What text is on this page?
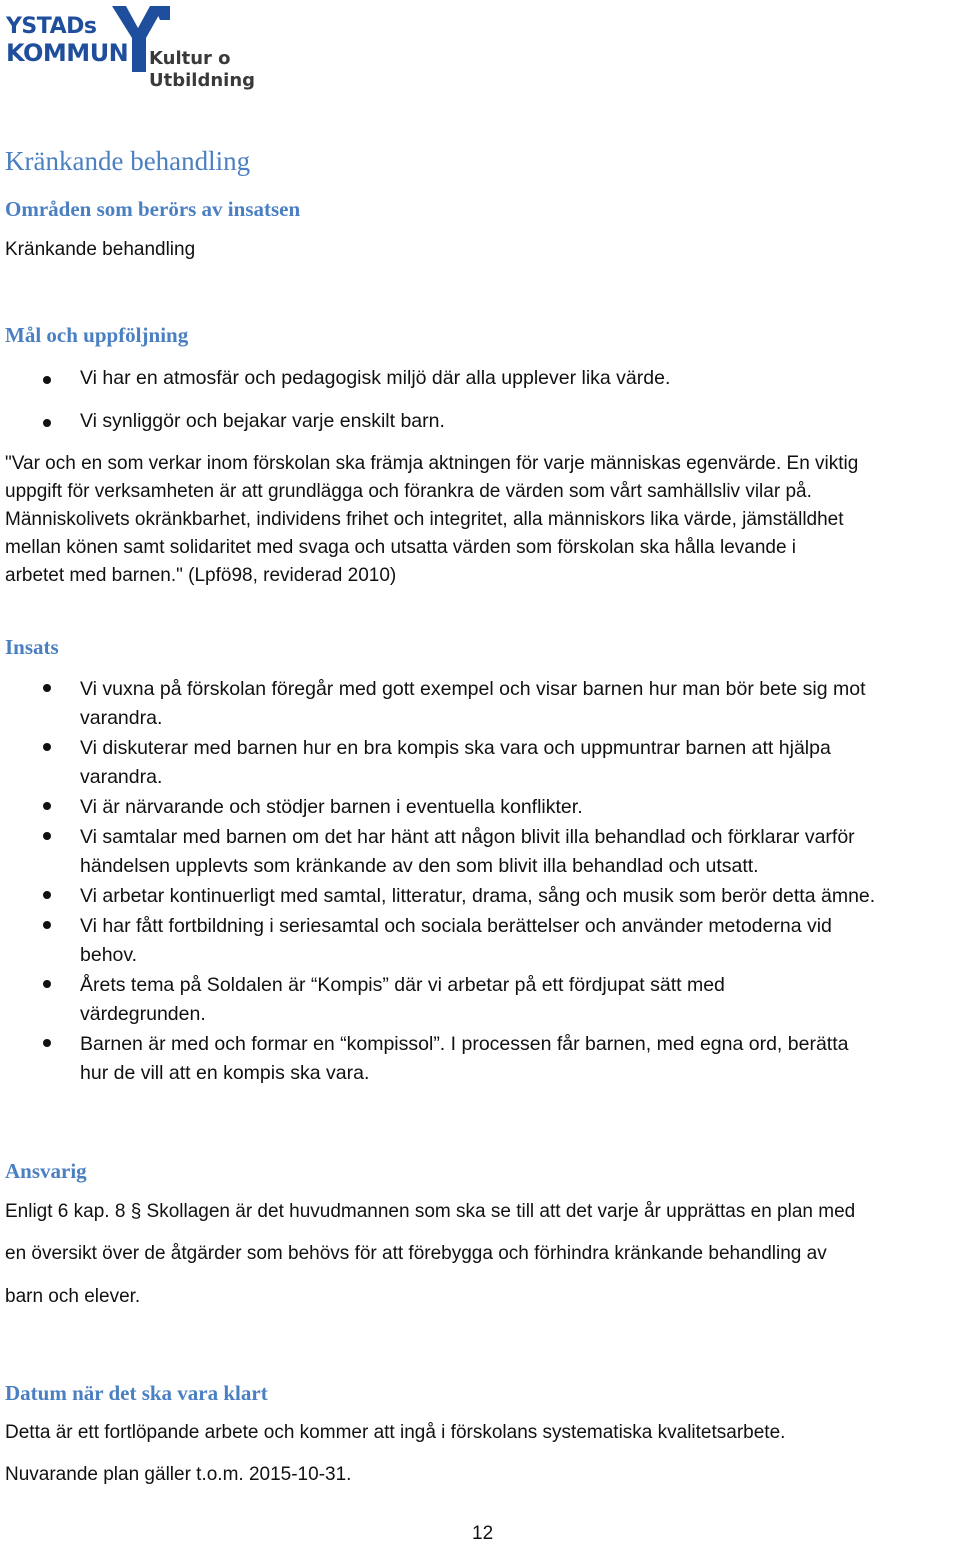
YSTADs
KOMMUN Kultur o Utbildning
Kränkande behandling
Områden som berörs av insatsen
Kränkande behandling
Mål och uppföljning
Vi har en atmosfär och pedagogisk miljö där alla upplever lika värde.
Vi synliggör och bejakar varje enskilt barn.
"Var och en som verkar inom förskolan ska främja aktningen för varje människas egenvärde. En viktig
uppgift för verksamheten är att grundlägga och förankra de värden som vårt samhällsliv vilar på.
Människolivets okränkbarhet, individens frihet och integritet, alla människors lika värde, jämställdhet
mellan könen samt solidaritet med svaga och utsatta värden som förskolan ska hålla levande i
arbetet med barnen." (Lpfö98, reviderad 2010)
Insats
Vi vuxna på förskolan föregår med gott exempel och visar barnen hur man bör bete sig mot
varandra.
Vi diskuterar med barnen hur en bra kompis ska vara och uppmuntrar barnen att hjälpa
varandra.
Vi är närvarande och stödjer barnen i eventuella konflikter.
Vi samtalar med barnen om det har hänt att någon blivit illa behandlad och förklarar varför
händelsen upplevts som kränkande av den som blivit illa behandlad och utsatt.
Vi arbetar kontinuerligt med samtal, litteratur, drama, sång och musik som berör detta ämne.
Vi har fått fortbildning i seriesamtal och sociala berättelser och använder metoderna vid
behov.
Årets tema på Soldalen är “Kompis” där vi arbetar på ett fördjupat sätt med
värdegrunden.
Barnen är med och formar en “kompissol”. I processen får barnen, med egna ord, berätta
hur de vill att en kompis ska vara.
Ansvarig
Enligt 6 kap. 8 § Skollagen är det huvudmannen som ska se till att det varje år upprättas en plan med
en översikt över de åtgärder som behövs för att förebygga och förhindra kränkande behandling av
barn och elever.
Datum när det ska vara klart
Detta är ett fortlöpande arbete och kommer att ingå i förskolans systematiska kvalitetsarbete.
Nuvarande plan gäller t.o.m. 2015-10-31.
12
